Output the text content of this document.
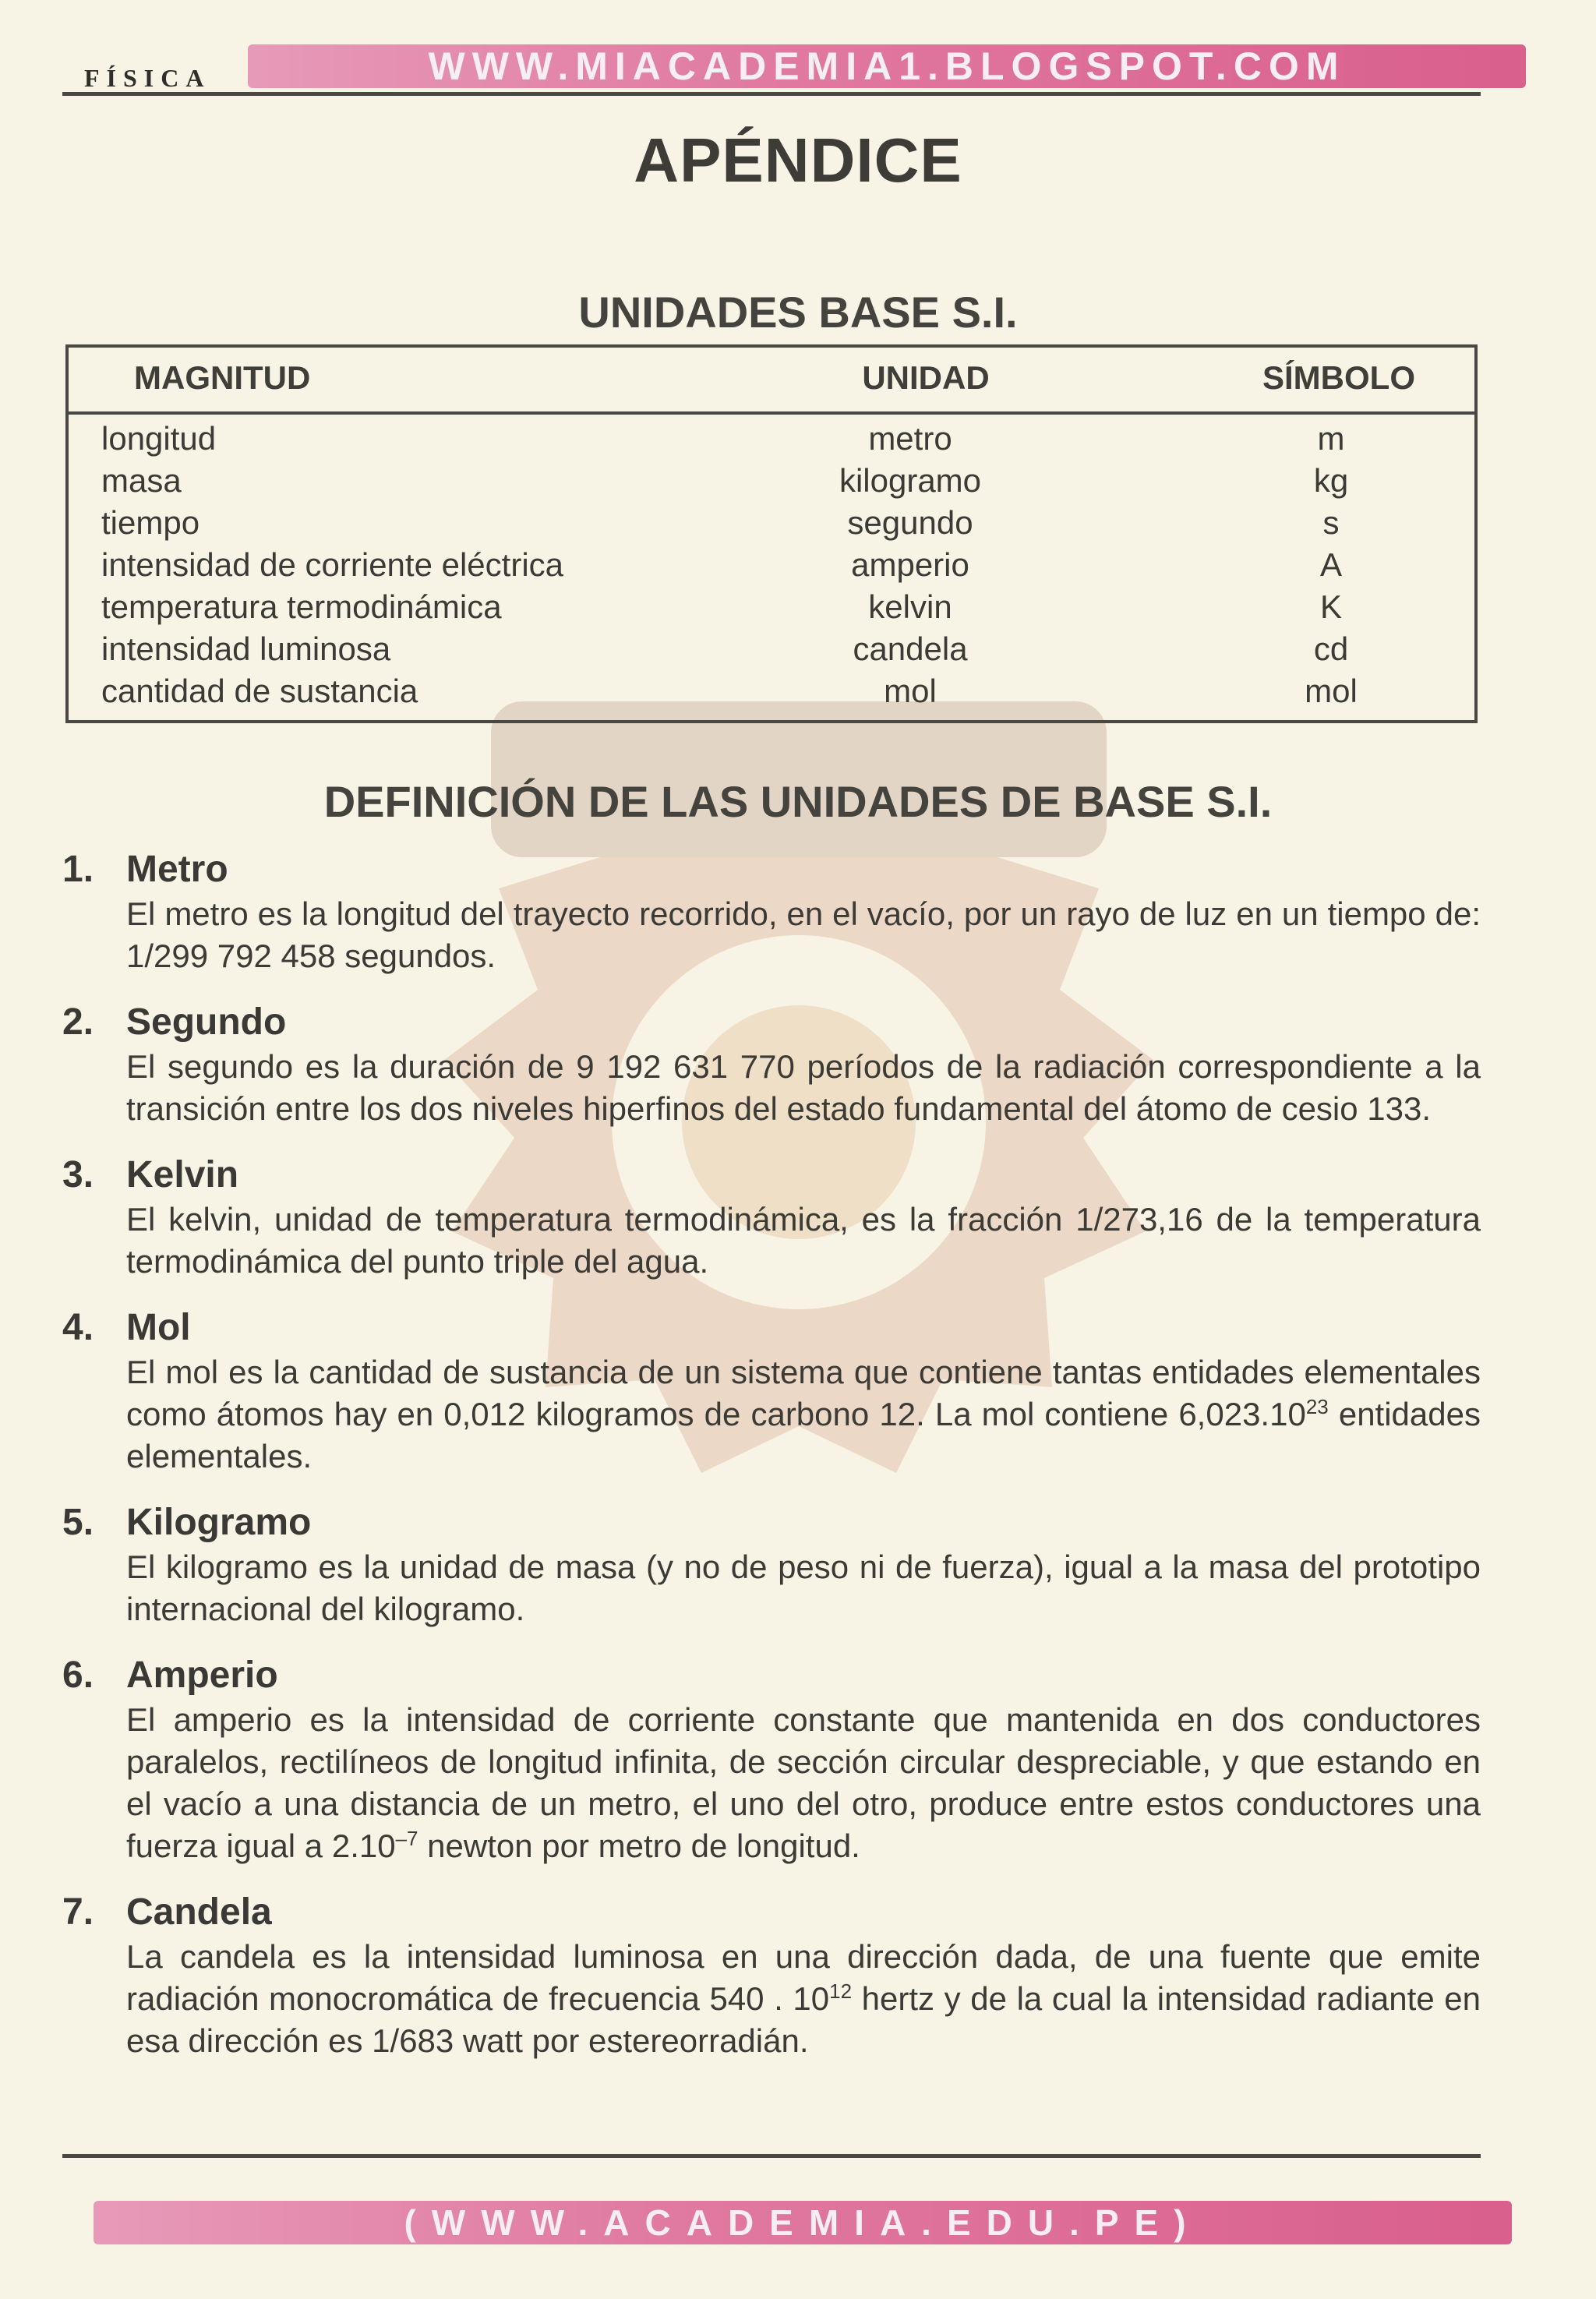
WWW.MIACADEMIA1.BLOGSPOT.COM
FÍSICA
APÉNDICE
UNIDADES BASE S.I.
MAGNITUD	UNIDAD	SÍMBOLO
longitud	metro	m
masa	kilogramo	kg
tiempo	segundo	s
intensidad de corriente eléctrica	amperio	A
temperatura termodinámica	kelvin	K
intensidad luminosa	candela	cd
cantidad de sustancia	mol	mol
DEFINICIÓN DE LAS UNIDADES DE BASE S.I.
1. Metro
El metro es la longitud del trayecto recorrido, en el vacío, por un rayo de luz en un tiempo de: 1/299 792 458 segundos.
2. Segundo
El segundo es la duración de 9 192 631 770 períodos de la radiación correspondiente a la transición entre los dos niveles hiperfinos del estado fundamental del átomo de cesio 133.
3. Kelvin
El kelvin, unidad de temperatura termodinámica, es la fracción 1/273,16 de la temperatura termodinámica del punto triple del agua.
4. Mol
El mol es la cantidad de sustancia de un sistema que contiene tantas entidades elementales como átomos hay en 0,012 kilogramos de carbono 12. La mol contiene 6,023.10$^{23}$ entidades elementales.
5. Kilogramo
El kilogramo es la unidad de masa (y no de peso ni de fuerza), igual a la masa del prototipo internacional del kilogramo.
6. Amperio
El amperio es la intensidad de corriente constante que mantenida en dos conductores paralelos, rectilíneos de longitud infinita, de sección circular despreciable, y que estando en el vacío a una distancia de un metro, el uno del otro, produce entre estos conductores una fuerza igual a $2.10^{-7}$ newton por metro de longitud.
7. Candela
La candela es la intensidad luminosa en una dirección dada, de una fuente que emite radiación monocromática de frecuencia 540 . $10^{12}$ hertz y de la cual la intensidad radiante en esa dirección es 1/683 watt por estereorradián.
(WWW.ACADEMIA.EDU.PE)
